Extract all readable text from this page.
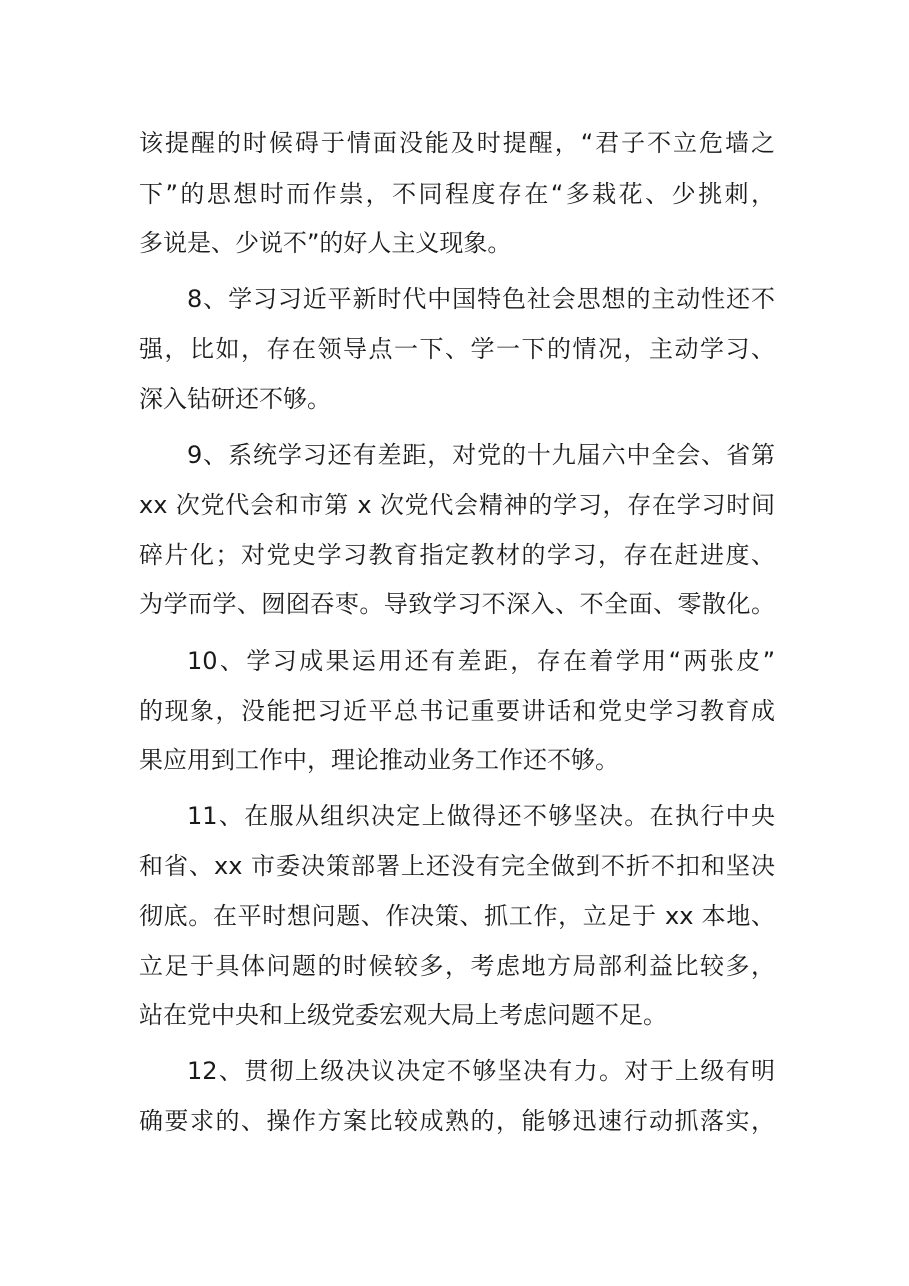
该提醒的时候碍于情面没能及时提醒，“君子不立危墙之
下”的思想时而作祟，不同程度存在“多栽花、少挑刺，
多说是、少说不”的好人主义现象。
8、学习习近平新时代中国特色社会思想的主动性还不
强，比如，存在领导点一下、学一下的情况，主动学习、
深入钻研还不够。
9、系统学习还有差距，对党的十九届六中全会、省第
xx 次党代会和市第 x 次党代会精神的学习，存在学习时间
碎片化；对党史学习教育指定教材的学习，存在赶进度、
为学而学、囫囵吞枣。导致学习不深入、不全面、零散化。
10、学习成果运用还有差距，存在着学用“两张皮”
的现象，没能把习近平总书记重要讲话和党史学习教育成
果应用到工作中，理论推动业务工作还不够。
11、在服从组织决定上做得还不够坚决。在执行中央
和省、xx 市委决策部署上还没有完全做到不折不扣和坚决
彻底。在平时想问题、作决策、抓工作，立足于 xx 本地、
立足于具体问题的时候较多，考虑地方局部利益比较多，
站在党中央和上级党委宏观大局上考虑问题不足。
12、贯彻上级决议决定不够坚决有力。对于上级有明
确要求的、操作方案比较成熟的，能够迅速行动抓落实，
